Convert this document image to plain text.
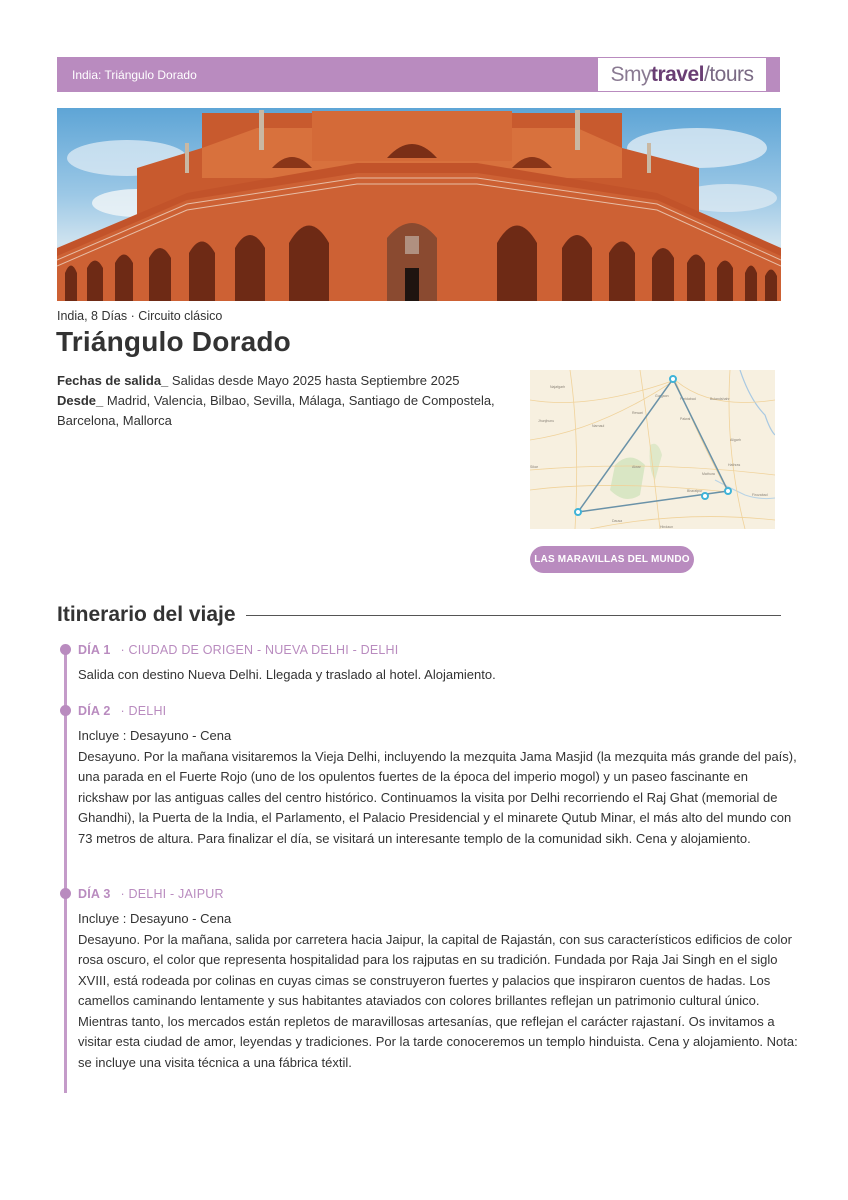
India: Triángulo Dorado	Smy travel /tours
India, 8 Días · Circuito clásico
Triángulo Dorado
Fechas de salida_ Salidas desde Mayo 2025 hasta Septiembre 2025
Desde_ Madrid, Valencia, Bilbao, Sevilla, Málaga, Santiago de Compostela, Barcelona, Mallorca
Najafgarh
Jhunjhunu
Narnaul
Rewari
Gurgaon
Faridabad	Bulandshahr
Palwal
Alwar
Mathura
Aligarh
Hathras
Bharatpur
Firozabad
Sikar
Dausa
Hindaun
LAS MARAVILLAS DEL MUNDO
Itinerario del viaje
DÍA 1 · CIUDAD DE ORIGEN - NUEVA DELHI - DELHI
Salida con destino Nueva Delhi. Llegada y traslado al hotel. Alojamiento.
DÍA 2 · DELHI
Incluye : Desayuno - Cena
Desayuno. Por la mañana visitaremos la Vieja Delhi, incluyendo la mezquita Jama Masjid (la mezquita más grande del país), una parada en el Fuerte Rojo (uno de los opulentos fuertes de la época del imperio mogol) y un paseo fascinante en rickshaw por las antiguas calles del centro histórico. Continuamos la visita por Delhi recorriendo el Raj Ghat (memorial de Ghandhi), la Puerta de la India, el Parlamento, el Palacio Presidencial y el minarete Qutub Minar, el más alto del mundo con 73 metros de altura. Para finalizar el día, se visitará un interesante templo de la comunidad sikh. Cena y alojamiento.
DÍA 3 · DELHI - JAIPUR
Incluye : Desayuno - Cena
Desayuno. Por la mañana, salida por carretera hacia Jaipur, la capital de Rajastán, con sus característicos edificios de color rosa oscuro, el color que representa hospitalidad para los rajputas en su tradición. Fundada por Raja Jai Singh en el siglo XVIII, está rodeada por colinas en cuyas cimas se construyeron fuertes y palacios que inspiraron cuentos de hadas. Los camellos caminando lentamente y sus habitantes ataviados con colores brillantes reflejan un patrimonio cultural único. Mientras tanto, los mercados están repletos de maravillosas artesanías, que reflejan el carácter rajastaní. Os invitamos a visitar esta ciudad de amor, leyendas y tradiciones. Por la tarde conoceremos un templo hinduista. Cena y alojamiento. Nota: se incluye una visita técnica a una fábrica téxtil.
